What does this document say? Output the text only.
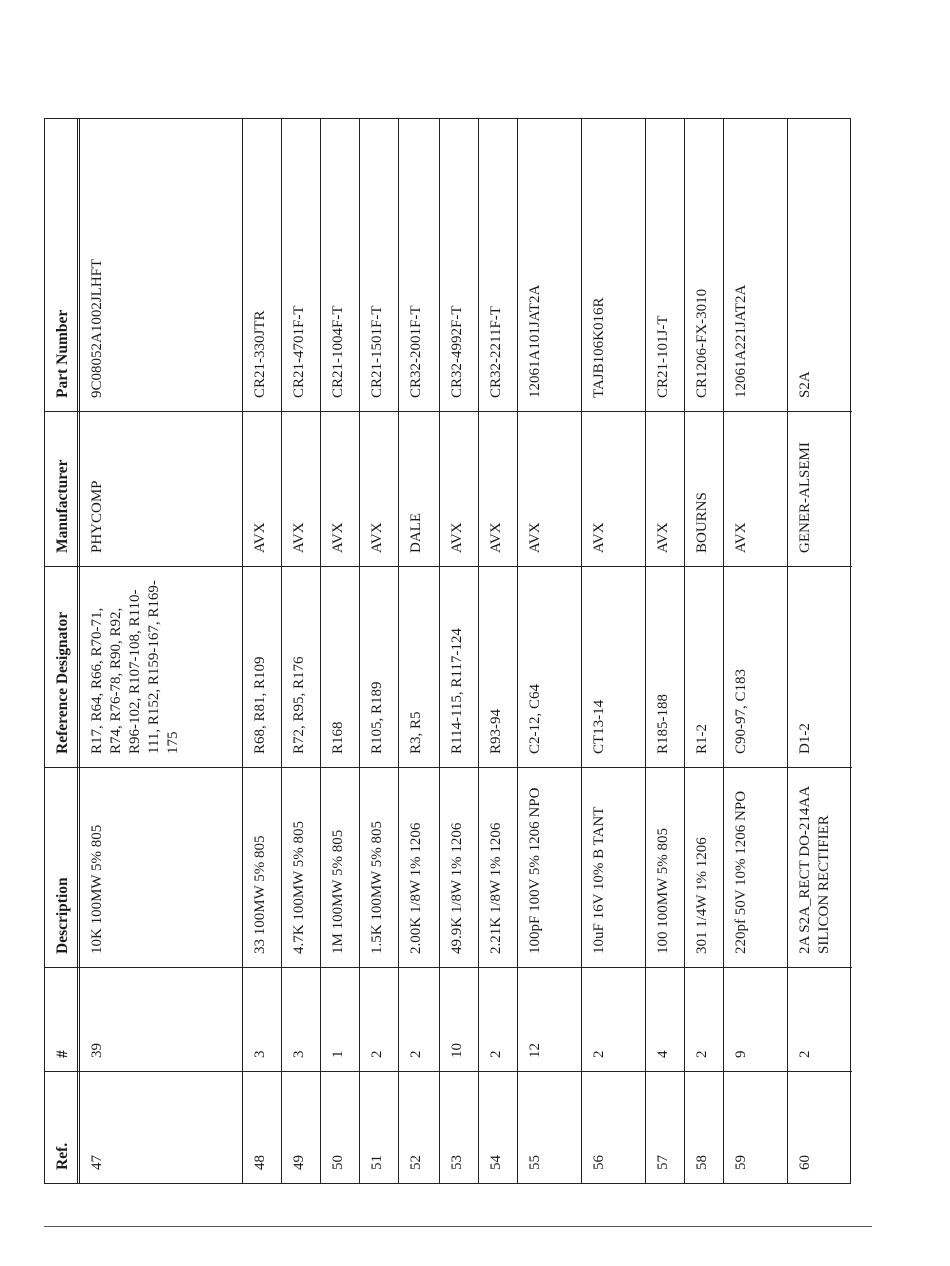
Ref.
#
Description
Reference Designator
Manufacturer
Part Number
47
39
10K 100MW 5% 805
R17, R64, R66, R70-71, R74, R76-78, R90, R92, R96-102, R107-108, R110-111, R152, R159-167, R169-175
PHYCOMP
9C08052A1002JLHFT
48
3
33 100MW 5% 805
R68, R81, R109
AVX
CR21-330JTR
49
3
4.7K 100MW 5% 805
R72, R95, R176
AVX
CR21-4701F-T
50
1
1M 100MW 5% 805
R168
AVX
CR21-1004F-T
51
2
1.5K 100MW 5% 805
R105, R189
AVX
CR21-1501F-T
52
2
2.00K 1/8W 1% 1206
R3, R5
DALE
CR32-2001F-T
53
10
49.9K 1/8W 1% 1206
R114-115, R117-124
AVX
CR32-4992F-T
54
2
2.21K 1/8W 1% 1206
R93-94
AVX
CR32-2211F-T
55
12
100pF 100V 5% 1206 NPO
C2-12, C64
AVX
12061A101JAT2A
56
2
10uF 16V 10% B TANT
CT13-14
AVX
TAJB106K016R
57
4
100 100MW 5% 805
R185-188
AVX
CR21-101J-T
58
2
301 1/4W 1% 1206
R1-2
BOURNS
CR1206-FX-3010
59
9
220pf 50V 10% 1206 NPO
C90-97, C183
AVX
12061A221JAT2A
60
2
2A S2A_RECT DO-214AA SILICON RECTIFIER
D1-2
GENER-ALSEMI
S2A
